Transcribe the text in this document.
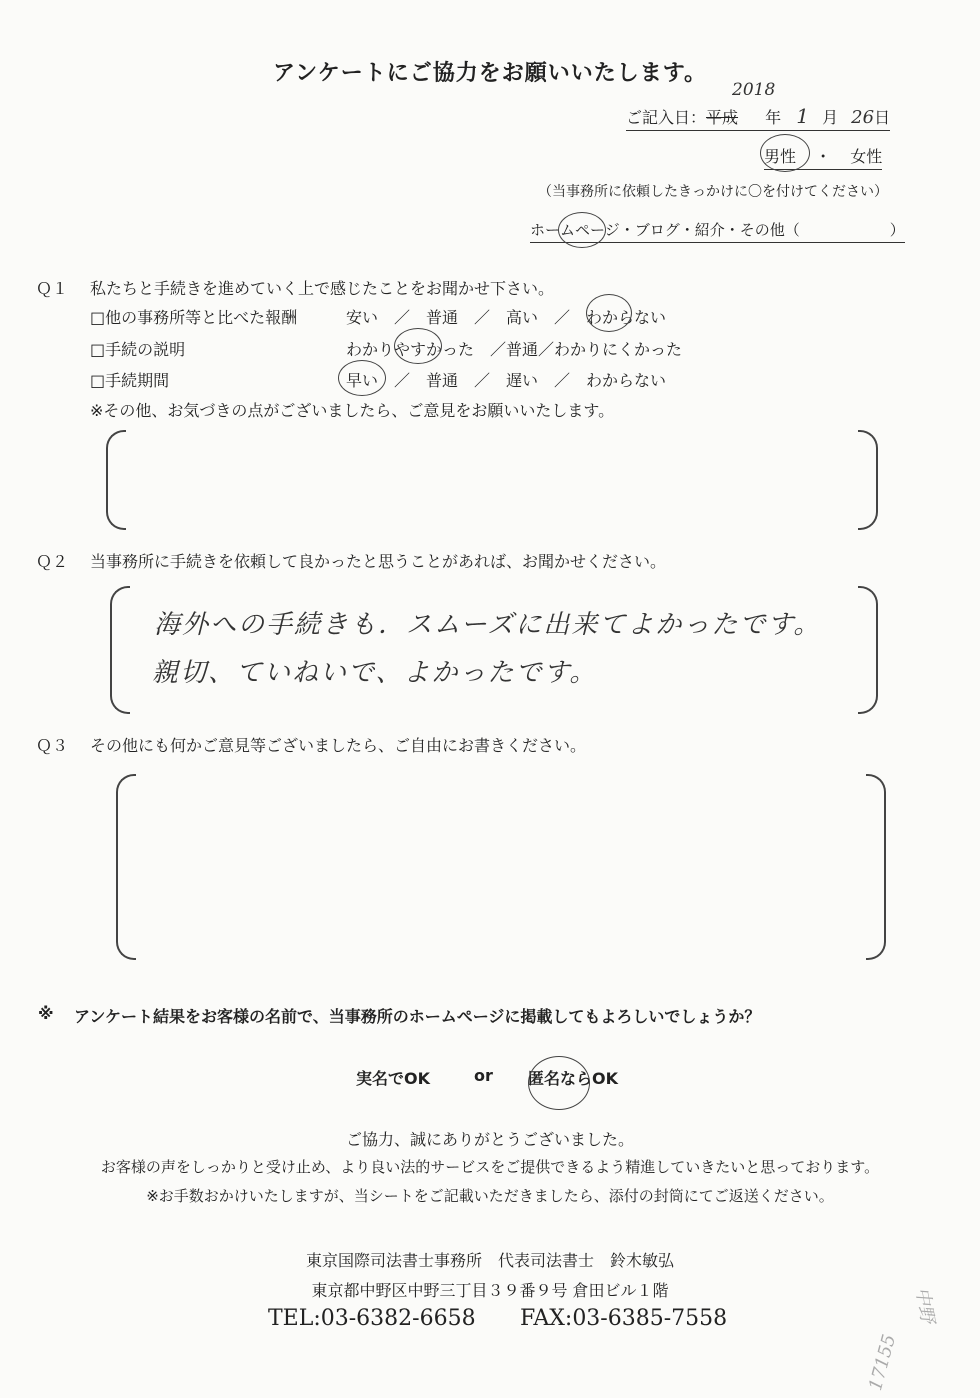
アンケートにご協力をお願いいたします。
2018
ご記入日：平成 年 1 月 26日
男性 ・ 女性
（当事務所に依頼したきっかけに〇を付けてください）
ホームページ・ブログ・紹介・その他（　　　　　　）
Ｑ１ 私たちと手続きを進めていく上で感じたことをお聞かせ下さい。
□他の事務所等と比べた報酬	安い　／　普通　／　高い　／　わからない
□手続の説明	わかりやすかった　／普通／わかりにくかった
□手続期間	早い　／　普通　／　遅い　／　わからない
※その他、お気づきの点がございましたら、ご意見をお願いいたします。
Ｑ２ 当事務所に手続きを依頼して良かったと思うことがあれば、お聞かせください。
海外への手続きも．スムーズに出来てよかったです。
親切、ていねいで、よかったです。
Ｑ３ その他にも何かご意見等ございましたら、ご自由にお書きください。
※ アンケート結果をお客様の名前で、当事務所のホームページに掲載してもよろしいでしょうか？
実名でOK	or 匿名ならOK
ご協力、誠にありがとうございました。
お客様の声をしっかりと受け止め、より良い法的サービスをご提供できるよう精進していきたいと思っております。
※お手数おかけいたしますが、当シートをご記載いただきましたら、添付の封筒にてご返送ください。
東京国際司法書士事務所　代表司法書士　鈴木敏弘
東京都中野区中野三丁目３９番９号 倉田ビル１階
TEL:03-6382-6658 FAX:03-6385-7558	中野
17155
